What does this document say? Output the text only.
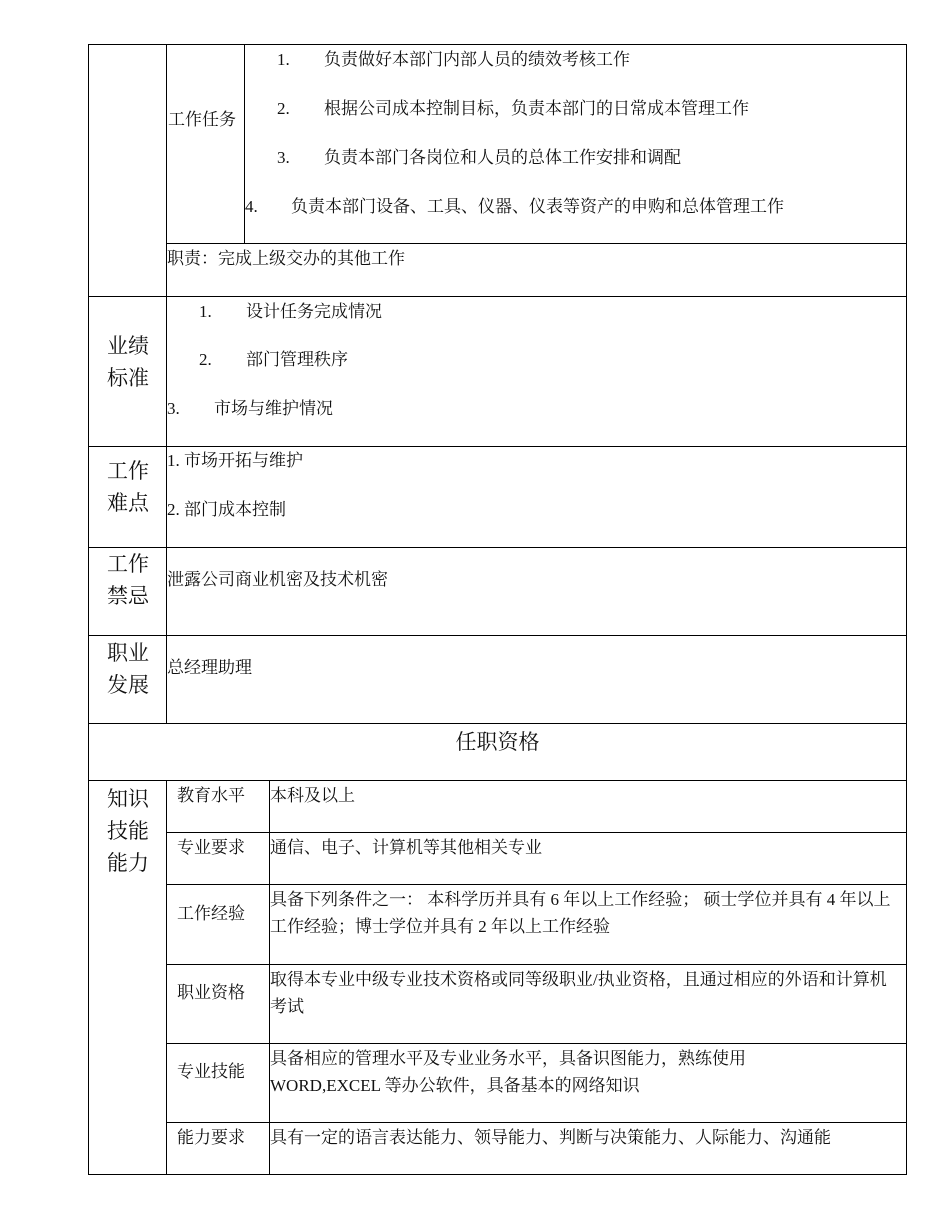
工作任务
1. 负责做好本部门内部人员的绩效考核工作
2. 根据公司成本控制目标，负责本部门的日常成本管理工作
3. 负责本部门各岗位和人员的总体工作安排和调配
4. 负责本部门设备、工具、仪器、仪表等资产的申购和总体管理工作
职责：完成上级交办的其他工作
业绩标准
1. 设计任务完成情况
2. 部门管理秩序
3. 市场与维护情况
工作难点
1. 市场开拓与维护
2. 部门成本控制
工作禁忌
泄露公司商业机密及技术机密
职业发展
总经理助理
任职资格
知识技能能力
教育水平 本科及以上
专业要求 通信、电子、计算机等其他相关专业
工作经验
具备下列条件之一： 本科学历并具有 6 年以上工作经验； 硕士学位并具有 4 年以上工作经验；博士学位并具有 2 年以上工作经验
职业资格
取得本专业中级专业技术资格或同等级职业/执业资格，且通过相应的外语和计算机考试
专业技能
具备相应的管理水平及专业业务水平，具备识图能力，熟练使用 WORD,EXCEL 等办公软件，具备基本的网络知识
能力要求 具有一定的语言表达能力、领导能力、判断与决策能力、人际能力、沟通能
